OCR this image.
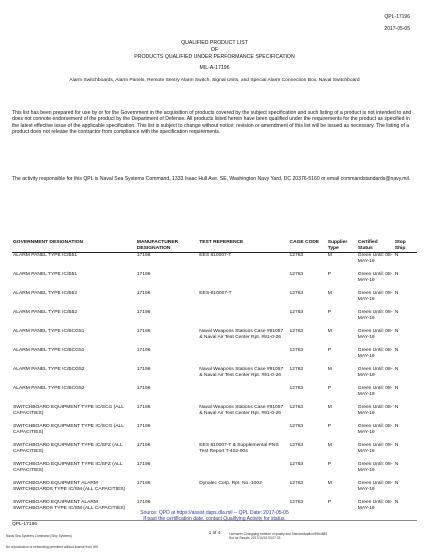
QPL-17196
2017-05-05
QUALIFIED PRODUCT LIST
OF
PRODUCTS QUALIFIED UNDER PERFORMANCE SPECIFICATION
MIL-A-17196
Alarm Switchboards, Alarm Panels, Remote Sentry Alarm Switch, Signal Units, and Special Alarm Connection Box, Naval Switchboard
This list has been prepared for use by or for the Government in the acquisition of products covered by the subject specification and such listing of a product is not intended to and does not connote endorsement of the product by the Department of Defense. All products listed herein have been qualified under the requirements for the product as specified in the latest effective issue of the applicable specification. This list is subject to change without notice; revision or amendment of this list will be issued as necessary. The listing of a product does not release the contractor from compliance with the specification requirements.
The activity responsible for this QPL is Naval Sea Systems Command, 1333 Isaac Hull Ave. SE, Washington Navy Yard, DC 20376-5160 or email commandstandards@navy.mil.
GOVERNMENT DESIGNATION	MANUFACTURER DESIGNATION	TEST REFERENCE	CAGE CODE	Supplier Type	Certified Status	Stop Ship
ALARM PANEL TYPE IC/B51	17196	EES 810007-T	12763	M	Green Until: 08-MAY-19	N
ALARM PANEL TYPE IC/B51	17196		12763	P	Green Until: 08-MAY-19	N
ALARM PANEL TYPE IC/B52	17196	EES-810007-T	12763	M	Green Until: 08-MAY-19	N
ALARM PANEL TYPE IC/B52	17196		12763	P	Green Until: 08-MAY-19	N
ALARM PANEL TYPE IC/BCG51	17196	Naval Weapons Stations Case #91057 & Naval Air Test Center Rpt. #91-0-26	12763	M	Green Until: 08-MAY-19	N
ALARM PANEL TYPE IC/BCG51	17196		12763	P	Green Until: 08-MAY-19	N
ALARM PANEL TYPE IC/BCG52	17196	Naval Weapons Stations Case #91057 & Naval Air Test Center Rpt. #91-0-26	12763	M	Green Until: 08-MAY-19	N
ALARM PANEL TYPE IC/BCG52	17196		12763	P	Green Until: 08-MAY-19	N
SWITCHBOARD EQUIPMENT TYPE IC/SCG (ALL CAPACITIES)	17196	Naval Weapons Stations Case #91057 & Naval Air Test Center Rpt. #91-0-26	12763	M	Green Until: 08-MAY-19	N
SWITCHBOARD EQUIPMENT TYPE IC/SCG (ALL CAPACITIES)	17196		12763	P	Green Until: 08-MAY-19	N
SWITCHBOARD EQUIPMENT TYPE IC/SFZ (ALL CAPACITIES)	17196	EES 810007-T & Supplemental PNS Test Report T-402-004	12763	M	Green Until: 08-MAY-19	N
SWITCHBOARD EQUIPMENT TYPE IC/SFZ (ALL CAPACITIES)	17196		12763	P	Green Until: 08-MAY-19	N
SWITCHBOARD EQUIPMENT ALARM SWITCHBOARDS TYPE IC/SM (ALL CAPACITIES)	17196	Dynalec Corp. Rpt. No. 1002	12763	M	Green Until: 08-MAY-19	N
SWITCHBOARD EQUIPMENT ALARM SWITCHBOARDS TYPE IC/SM (ALL CAPACITIES)	17196		12763	P	Green Until: 08-MAY-19	N
QPL-17196
Source: QPD at https://assist.daps.dla.mil -- QPL Date: 2017-05-05
If past the certification date, contact Qualifying Activity for status.
1 of 4
Naval Sea Systems Command (Ship Systems)
No reproduction or networking permitted without license from IHS
Licensee=Chongqing institute of quality and Standardization/5964889
Not for Resale, 2017/10/16 03:07:33
